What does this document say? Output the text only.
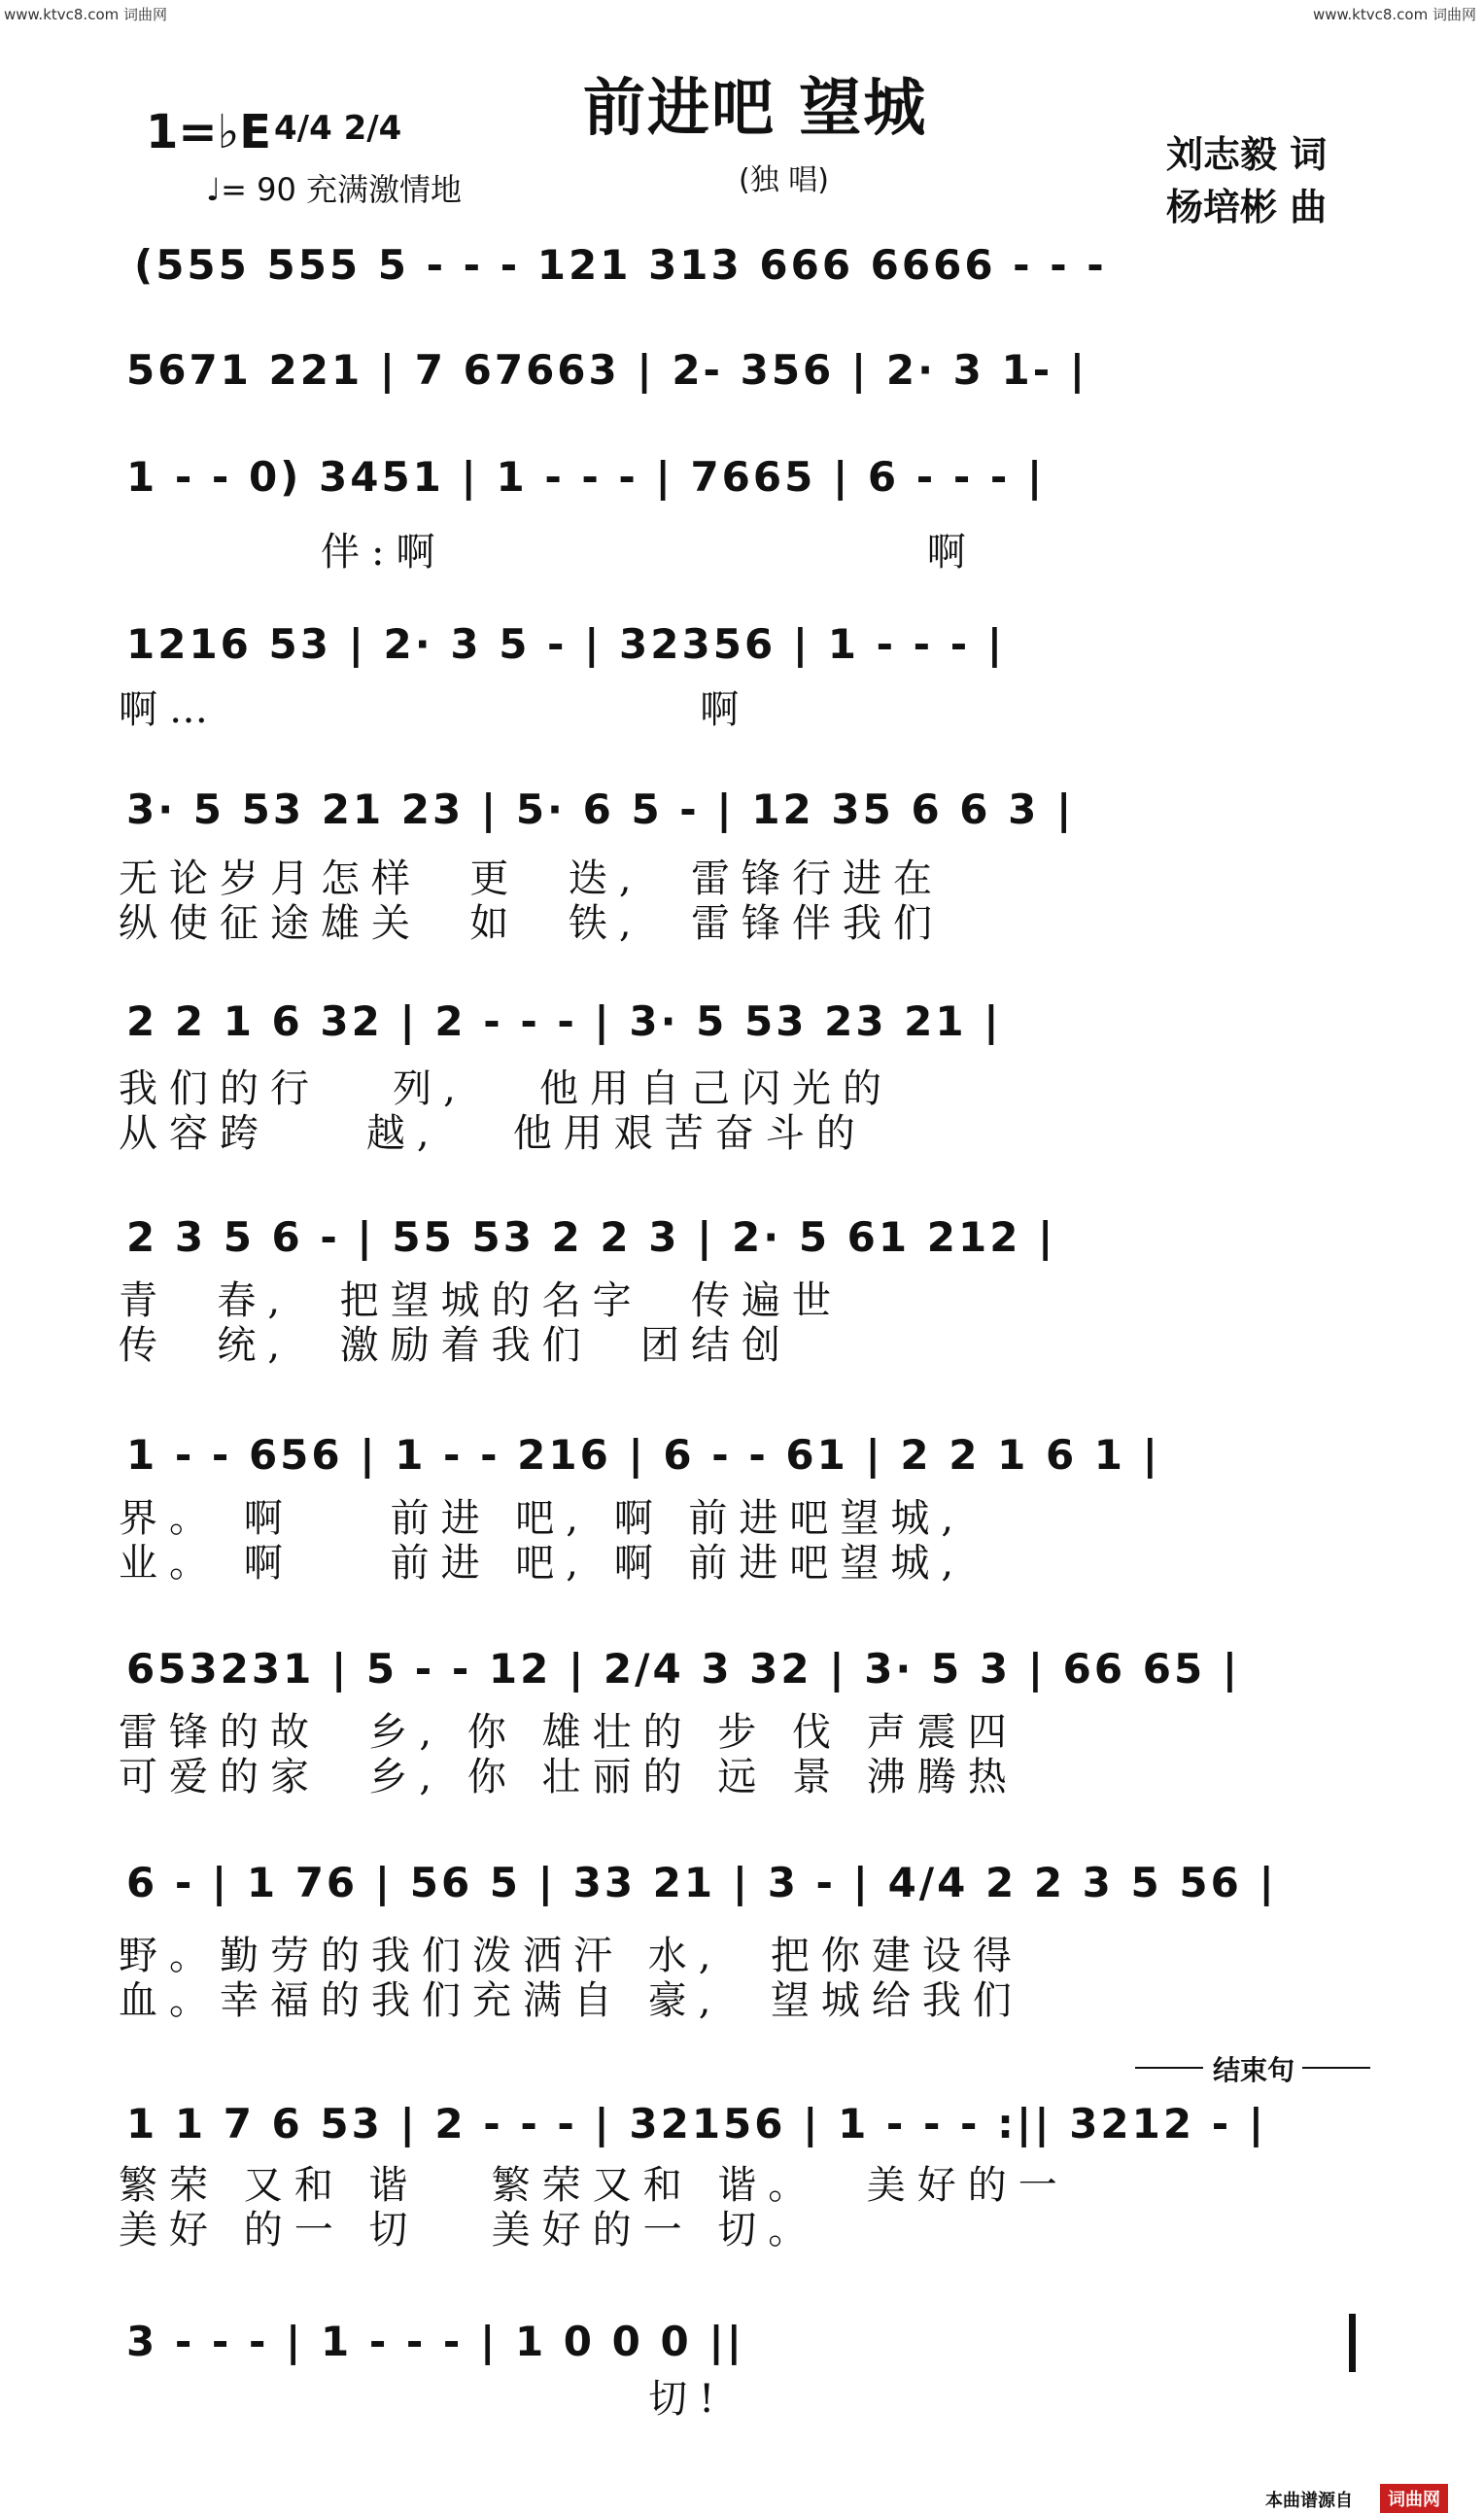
www.ktvc8.com 词曲网	www.ktvc8.com 词曲网
前进吧 望城
1=♭E 4/4 2/4
♩= 90 充满激情地	(独 唱)
刘志毅 词
杨培彬 曲
(555 555 5 - - - 121 313 666 6666 - - -
5671 221 | 7 67663 | 2- 356 | 2· 3 1- |
1 - - 0) 3451 | 1 - - - | 7665 | 6 - - - |
伴:啊                    啊
1216 53 | 2· 3 5 - | 32356 | 1 - - - |
啊…                    啊
3· 5 53 21 23 | 5· 6 5 - | 12 35 6 6 3 |
无论岁月怎样  更  迭,  雷锋行进在
纵使征途雄关  如  铁,  雷锋伴我们
2 2 1 6 32 | 2 - - - | 3· 5 53 23 21 |
我们的行   列,   他用自己闪光的
从容跨    越,   他用艰苦奋斗的
2 3 5 6 - | 55 53 2 2 3 | 2· 5 61 212 |
青  春,  把望城的名字  传遍世
传  统,  激励着我们  团结创
1 - - 656 | 1 - - 216 | 6 - - 61 | 2 2 1 6 1 |
界。 啊    前进 吧, 啊 前进吧望城,
业。 啊    前进 吧, 啊 前进吧望城,
653231 | 5 - - 12 | 2/4 3 32 | 3· 5 3 | 66 65 |
雷锋的故  乡, 你 雄壮的 步 伐 声震四
可爱的家  乡, 你 壮丽的 远 景 沸腾热
6 - | 1 76 | 56 5 | 33 21 | 3 - | 4/4 2 2 3 5 56 |
野。勤劳的我们泼洒汗 水,  把你建设得
血。幸福的我们充满自 豪,  望城给我们
结束句
1 1 7 6 53 | 2 - - - | 32156 | 1 - - - :|| 3212 - |
繁荣 又和 谐   繁荣又和 谐。  美好的一
美好 的一 切   美好的一 切。
3 - - - | 1 - - - | 1 0 0 0 ||
切!
本曲谱源自	词曲网
